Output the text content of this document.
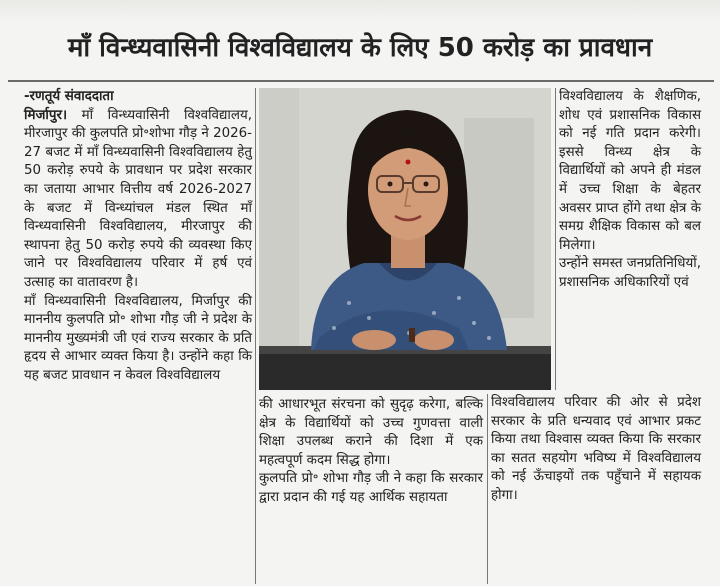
माँ विन्ध्यवासिनी विश्वविद्यालय के लिए 50 करोड़ का प्रावधान

-रणतूर्य संवाददाता

मिर्जापुर। माँ विन्ध्यवासिनी विश्वविद्यालय, मीरजापुर की कुलपति प्रो॰शोभा गौड़ ने 2026-27 बजट में माँ विन्ध्यवासिनी विश्वविद्यालय हेतु 50 करोड़ रुपये के प्रावधान पर प्रदेश सरकार का जताया आभार वित्तीय वर्ष 2026-2027 के बजट में विन्ध्यांचल मंडल स्थित माँ विन्ध्यवासिनी विश्वविद्यालय, मीरजापुर की स्थापना हेतु 50 करोड़ रुपये की व्यवस्था किए जाने पर विश्वविद्यालय परिवार में हर्ष एवं उत्साह का वातावरण है।

माँ विन्ध्यवासिनी विश्वविद्यालय, मिर्जापुर की माननीय कुलपति प्रो॰ शोभा गौड़ जी ने प्रदेश के माननीय मुख्यमंत्री जी एवं राज्य सरकार के प्रति हृदय से आभार व्यक्त किया है। उन्होंने कहा कि यह बजट प्रावधान न केवल विश्वविद्यालय

विश्वविद्यालय के शैक्षणिक, शोध एवं प्रशासनिक विकास को नई गति प्रदान करेगी। इससे विन्ध्य क्षेत्र के विद्यार्थियों को अपने ही मंडल में उच्च शिक्षा के बेहतर अवसर प्राप्त होंगे तथा क्षेत्र के समग्र शैक्षिक विकास को बल मिलेगा।

उन्होंने समस्त जनप्रतिनिधियों, प्रशासनिक अधिकारियों एवं

की आधारभूत संरचना को सुदृढ़ करेगा, बल्कि क्षेत्र के विद्यार्थियों को उच्च गुणवत्ता वाली शिक्षा उपलब्ध कराने की दिशा में एक महत्वपूर्ण कदम सिद्ध होगा।

कुलपति प्रो॰ शोभा गौड़ जी ने कहा कि सरकार द्वारा प्रदान की गई यह आर्थिक सहायता

विश्वविद्यालय परिवार की ओर से प्रदेश सरकार के प्रति धन्यवाद एवं आभार प्रकट किया तथा विश्वास व्यक्त किया कि सरकार का सतत सहयोग भविष्य में विश्वविद्यालय को नई ऊँचाइयों तक पहुँचाने में सहायक होगा।
